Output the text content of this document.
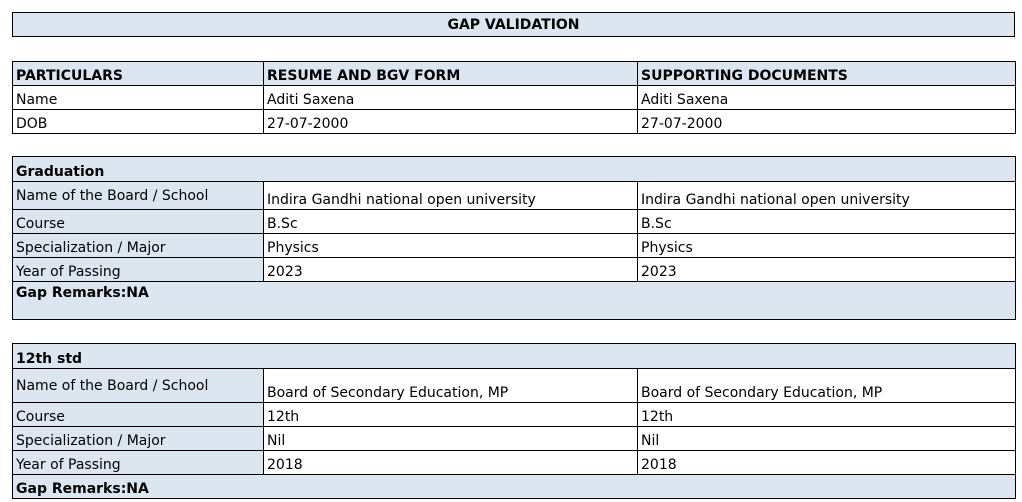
GAP VALIDATION
PARTICULARS	RESUME AND BGV FORM	SUPPORTING DOCUMENTS
Name	Aditi Saxena	Aditi Saxena
DOB	27-07-2000	27-07-2000
Graduation		
Name of the Board / School	Indira Gandhi national open university	Indira Gandhi national open university
Course	B.Sc	B.Sc
Specialization / Major	Physics	Physics
Year of Passing	2023	2023
Gap Remarks:NA		
12th std		
Name of the Board / School	Board of Secondary Education, MP	Board of Secondary Education, MP
Course	12th	12th
Specialization / Major	Nil	Nil
Year of Passing	2018	2018
Gap Remarks:NA		
